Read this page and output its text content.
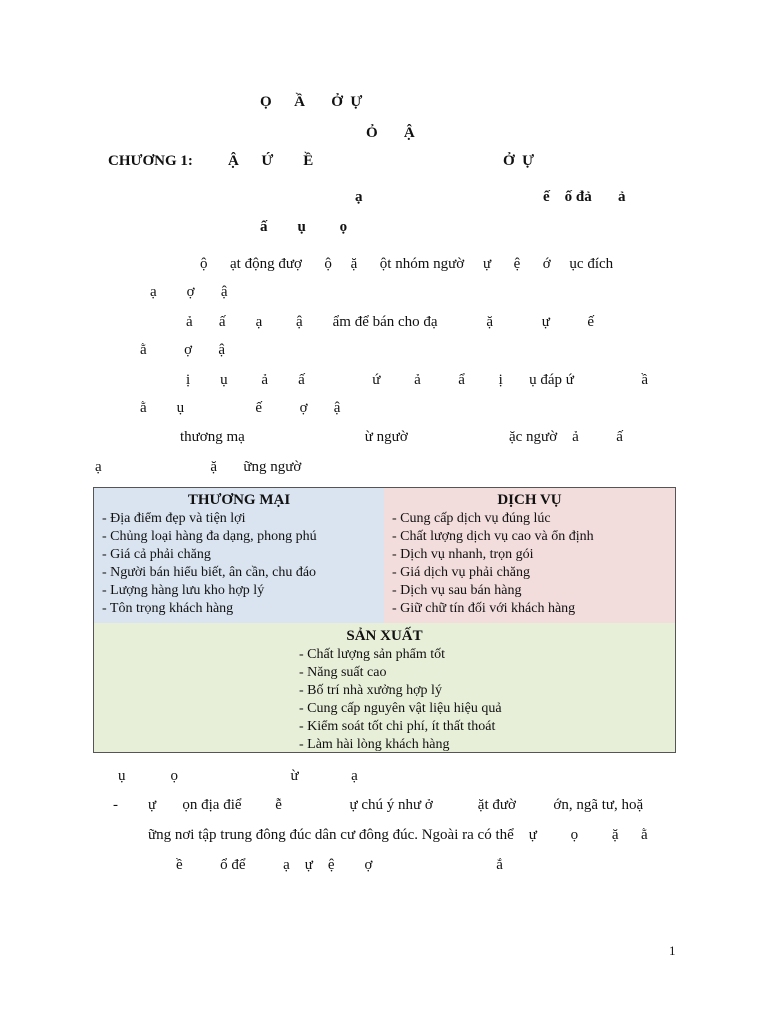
Ọ      Ầ       Ở  Ự
Ỏ       Ậ
CHƯƠNG 1: Ậ      Ứ        Ề	Ở  Ự
ạ	ế    ố đả       ả
ấ        ụ         ọ
ộ      ạt động đượ      ộ     ặ      ột nhóm ngườ     ự      ệ      ớ     ục đích
ạ        ợ       ậ
ả       ấ        ạ         ậ        ẩm để bán cho đạ             ặ             ự          ế
ằ          ợ       ậ
ị        ụ         ả        ấ                  ứ         ả          ẩ         ị       ụ đáp ứ                  ầ
ằ        ụ                   ế          ợ       ậ
thương mạ                                ừ ngườ                           ặc ngườ    ả          ấ
ạ                             ặ       ững ngườ
THƯƠNG MẠI
- Địa điểm đẹp và tiện lợi
- Chủng loại hàng đa dạng, phong phú
- Giá cả phải chăng
- Người bán hiểu biết, ân cần, chu đáo
- Lượng hàng lưu kho hợp lý
- Tôn trọng khách hàng
DỊCH VỤ
- Cung cấp dịch vụ đúng lúc
- Chất lượng dịch vụ cao và ổn định
- Dịch vụ nhanh, trọn gói
- Giá dịch vụ phải chăng
- Dịch vụ sau bán hàng
- Giữ chữ tín đối với khách hàng
SẢN XUẤT
- Chất lượng sản phẩm tốt
- Năng suất cao
- Bố trí nhà xưởng hợp lý
- Cung cấp nguyên vật liệu hiệu quả
- Kiểm soát tốt chi phí, ít thất thoát
- Làm hài lòng khách hàng
ụ            ọ                              ừ              ạ
- ự       ọn địa điể         ễ                  ự chú ý như ở            ặt đườ          ớn, ngã tư, hoặ
ững nơi tập trung đông đúc dân cư đông đúc. Ngoài ra có thể    ự         ọ         ặ      ằ
ề          ổ để          ạ    ự    ệ        ợ                                 ắ
1
